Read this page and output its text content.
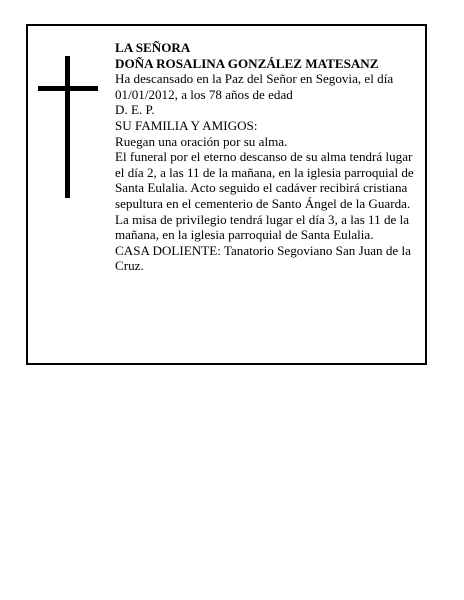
LA SEÑORA

DOÑA ROSALINA GONZÁLEZ MATESANZ

Ha descansado en la Paz del Señor en Segovia, el día 01/01/2012, a los 78 años de edad

D. E. P.

SU FAMILIA Y AMIGOS:

Ruegan una oración por su alma.

El funeral por el eterno descanso de su alma tendrá lugar el día 2, a las 11 de la mañana, en la iglesia parroquial de Santa Eulalia. Acto seguido el cadáver recibirá cristiana sepultura en el cementerio de Santo Ángel de la Guarda.

La misa de privilegio tendrá lugar el día 3, a las 11 de la mañana, en la iglesia parroquial de Santa Eulalia.

CASA DOLIENTE: Tanatorio Segoviano San Juan de la Cruz.
